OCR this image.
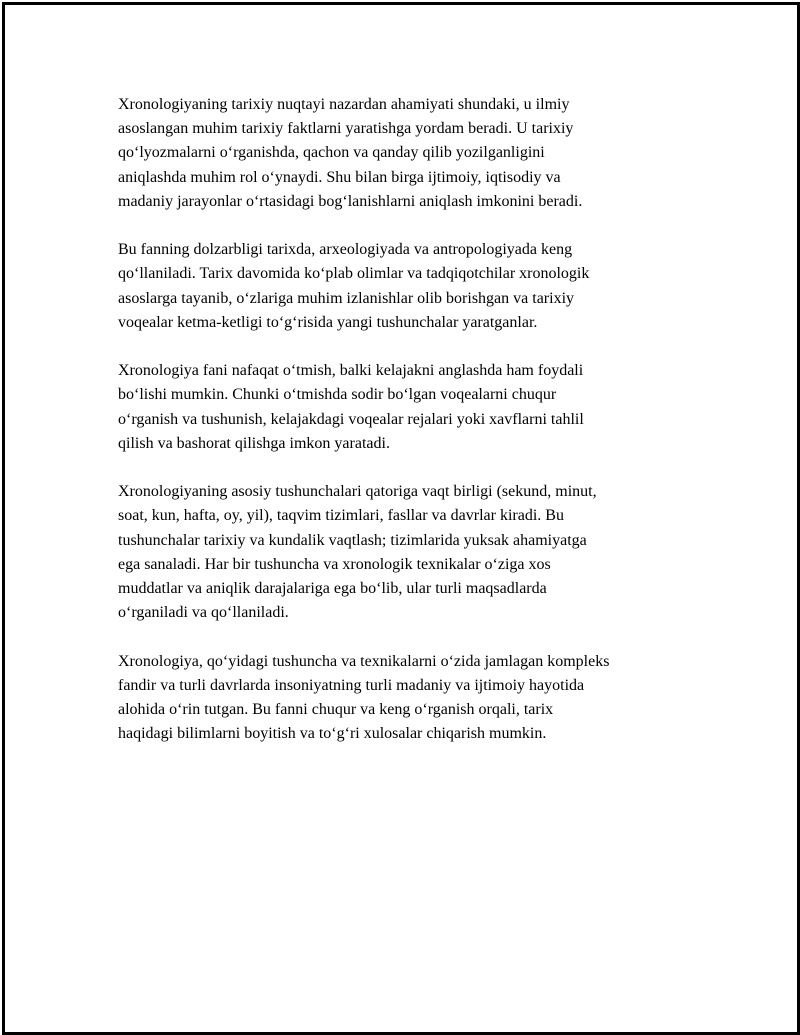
Xronologiyaning tarixiy nuqtayi nazardan ahamiyati shundaki, u ilmiy
asoslangan muhim tarixiy faktlarni yaratishga yordam beradi. U tarixiy
qo‘lyozmalarni o‘rganishda, qachon va qanday qilib yozilganligini
aniqlashda muhim rol o‘ynaydi. Shu bilan birga ijtimoiy, iqtisodiy va
madaniy jarayonlar o‘rtasidagi bog‘lanishlarni aniqlash imkonini beradi.

Bu fanning dolzarbligi tarixda, arxeologiyada va antropologiyada keng
qo‘llaniladi. Tarix davomida ko‘plab olimlar va tadqiqotchilar xronologik
asoslarga tayanib, o‘zlariga muhim izlanishlar olib borishgan va tarixiy
voqealar ketma-ketligi to‘g‘risida yangi tushunchalar yaratganlar.

Xronologiya fani nafaqat o‘tmish, balki kelajakni anglashda ham foydali
bo‘lishi mumkin. Chunki o‘tmishda sodir bo‘lgan voqealarni chuqur
o‘rganish va tushunish, kelajakdagi voqealar rejalari yoki xavflarni tahlil
qilish va bashorat qilishga imkon yaratadi.

Xronologiyaning asosiy tushunchalari qatoriga vaqt birligi (sekund, minut,
soat, kun, hafta, oy, yil), taqvim tizimlari, fasllar va davrlar kiradi. Bu
tushunchalar tarixiy va kundalik vaqtlash; tizimlarida yuksak ahamiyatga
ega sanaladi. Har bir tushuncha va xronologik texnikalar o‘ziga xos
muddatlar va aniqlik darajalariga ega bo‘lib, ular turli maqsadlarda
o‘rganiladi va qo‘llaniladi.

Xronologiya, qo‘yidagi tushuncha va texnikalarni o‘zida jamlagan kompleks
fandir va turli davrlarda insoniyatning turli madaniy va ijtimoiy hayotida
alohida o‘rin tutgan. Bu fanni chuqur va keng o‘rganish orqali, tarix
haqidagi bilimlarni boyitish va to‘g‘ri xulosalar chiqarish mumkin.
